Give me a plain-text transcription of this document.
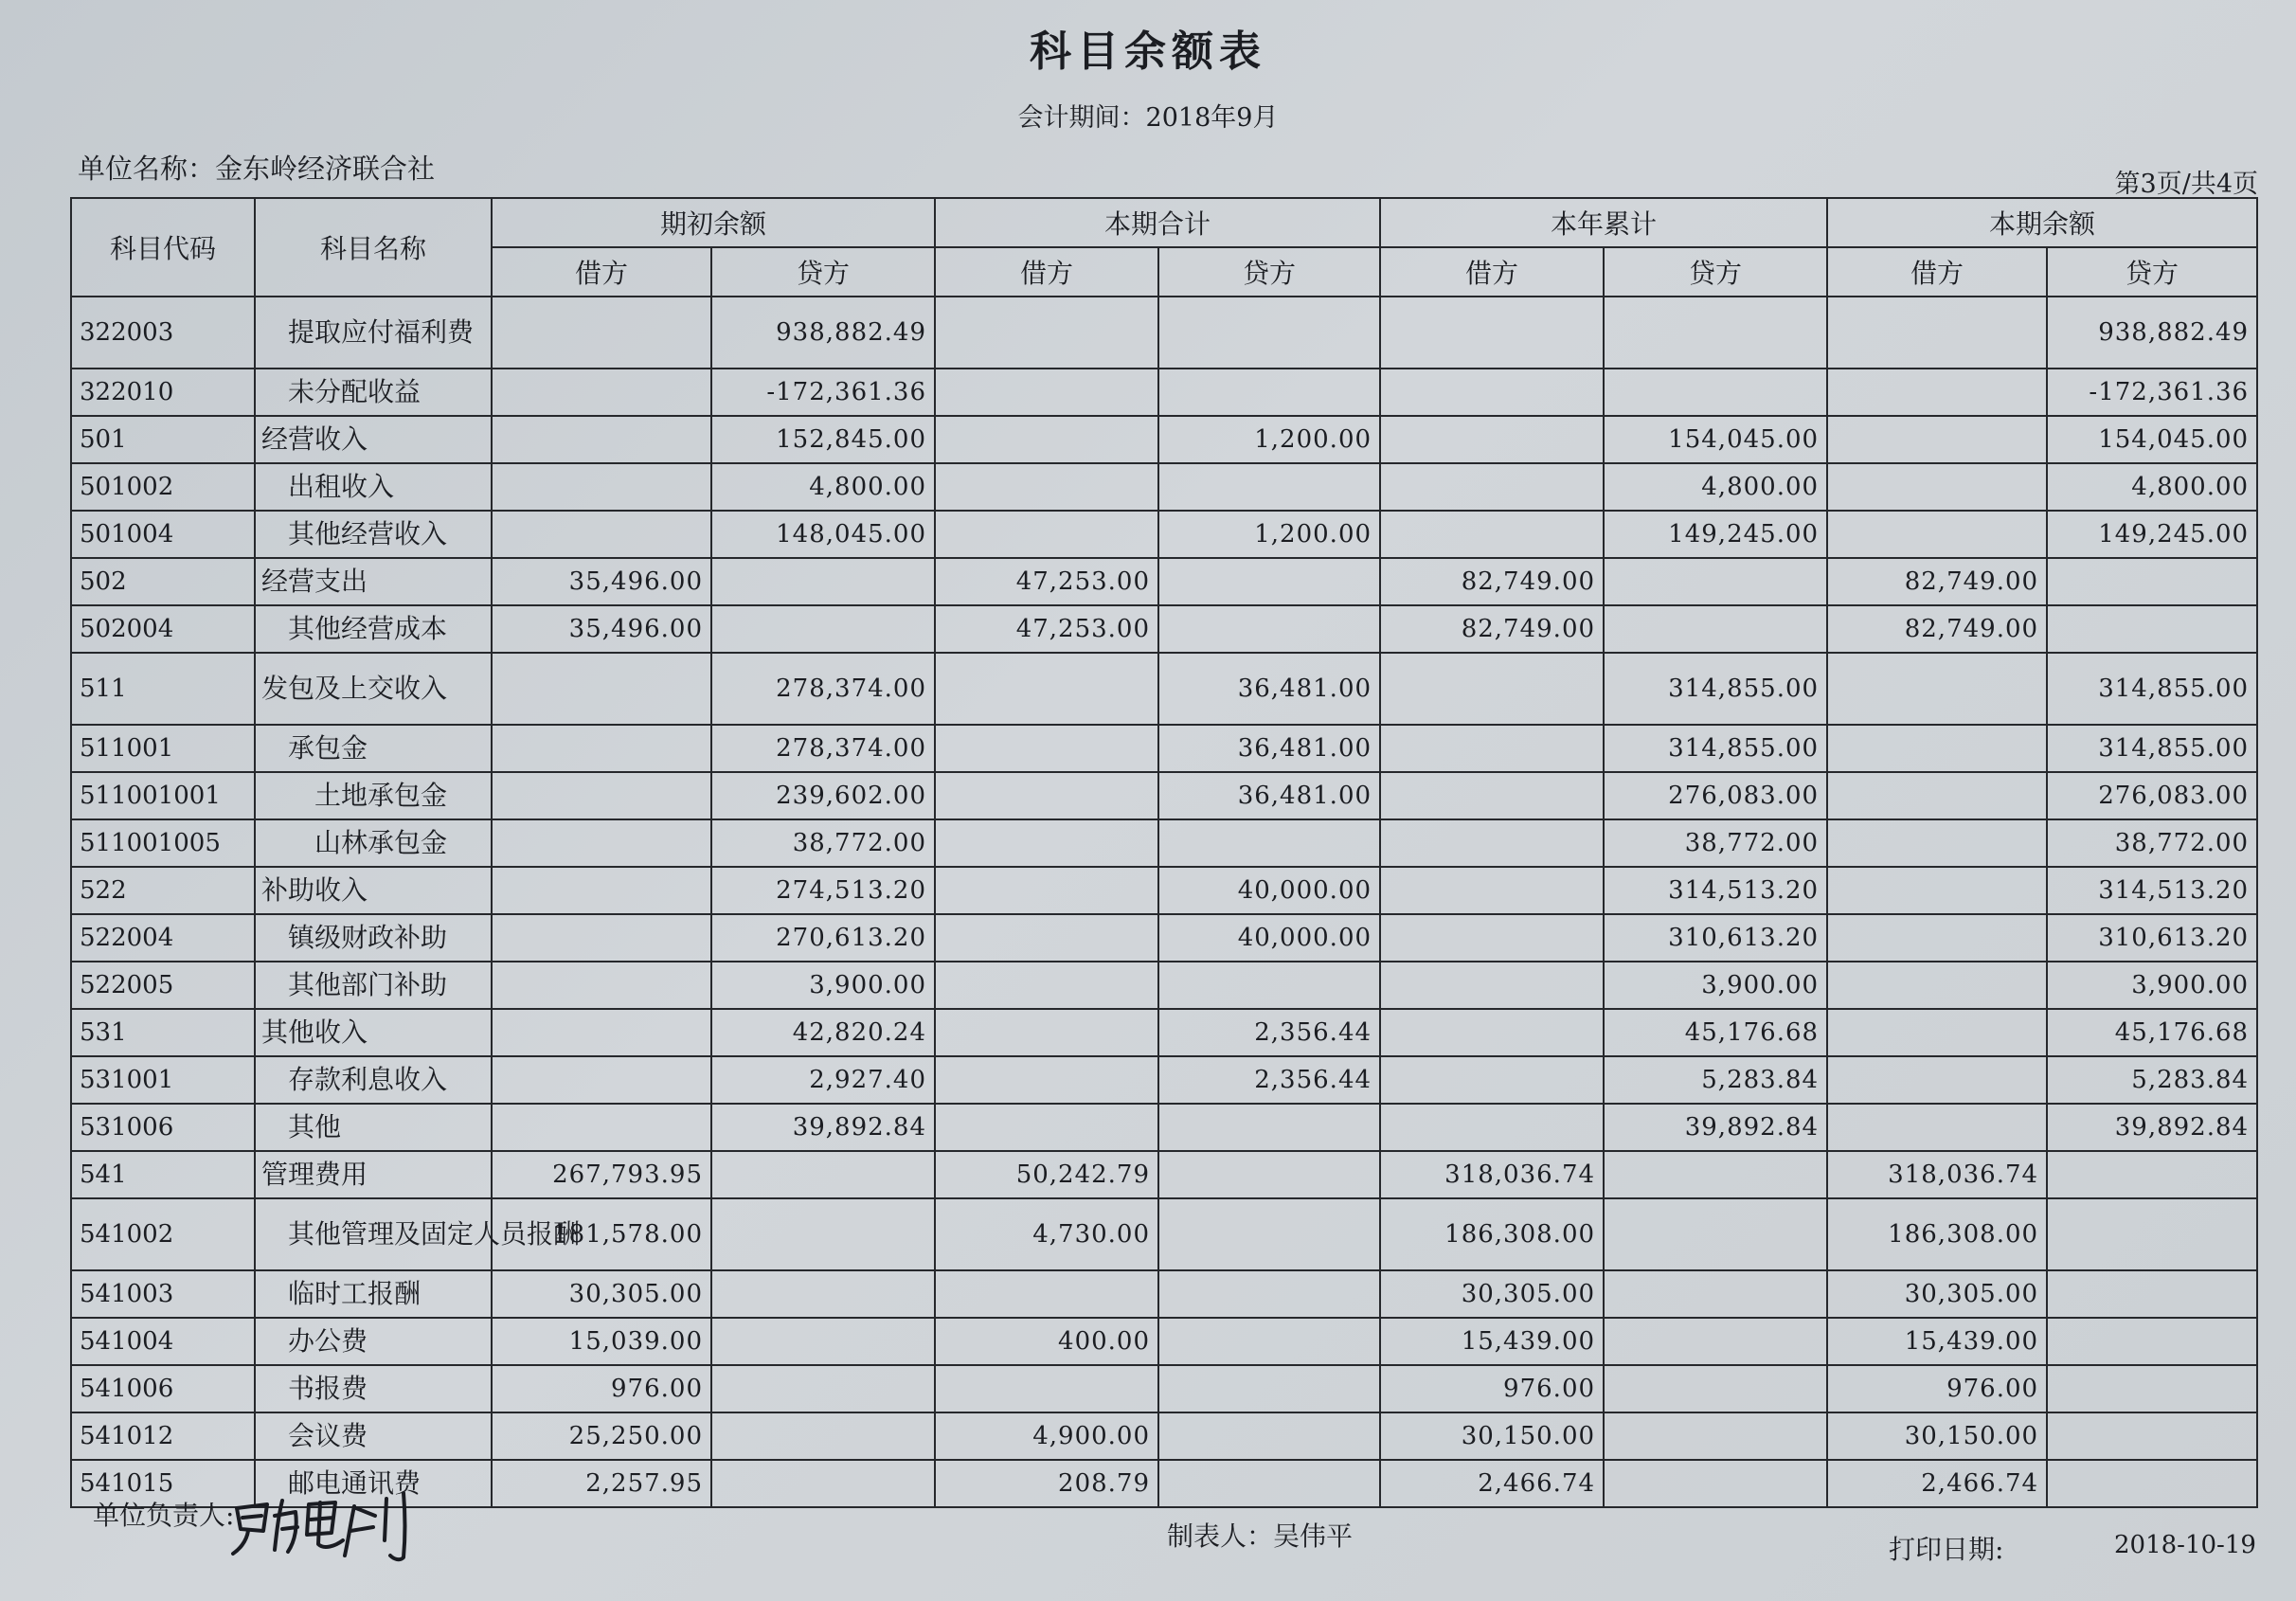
科目余额表
会计期间：2018年9月
单位名称：金东岭经济联合社	第3页/共4页
科目代码	科目名称	期初余额		本期合计		本年累计		本期余额	
		借方	贷方	借方	贷方	借方	贷方	借方	贷方
322003	提取应付福利费		938,882.49						938,882.49
322010	未分配收益		-172,361.36						-172,361.36
501	经营收入		152,845.00		1,200.00		154,045.00		154,045.00
501002	出租收入		4,800.00				4,800.00		4,800.00
501004	其他经营收入		148,045.00		1,200.00		149,245.00		149,245.00
502	经营支出	35,496.00		47,253.00		82,749.00		82,749.00	
502004	其他经营成本	35,496.00		47,253.00		82,749.00		82,749.00	
511	发包及上交收入		278,374.00		36,481.00		314,855.00		314,855.00
511001	承包金		278,374.00		36,481.00		314,855.00		314,855.00
511001001	土地承包金		239,602.00		36,481.00		276,083.00		276,083.00
511001005	山林承包金		38,772.00				38,772.00		38,772.00
522	补助收入		274,513.20		40,000.00		314,513.20		314,513.20
522004	镇级财政补助		270,613.20		40,000.00		310,613.20		310,613.20
522005	其他部门补助		3,900.00				3,900.00		3,900.00
531	其他收入		42,820.24		2,356.44		45,176.68		45,176.68
531001	存款利息收入		2,927.40		2,356.44		5,283.84		5,283.84
531006	其他		39,892.84				39,892.84		39,892.84
541	管理费用	267,793.95		50,242.79		318,036.74		318,036.74	
541002	其他管理及固定人员报酬	181,578.00		4,730.00		186,308.00		186,308.00	
541003	临时工报酬	30,305.00				30,305.00		30,305.00	
541004	办公费	15,039.00		400.00		15,439.00		15,439.00	
541006	书报费	976.00				976.00		976.00	
541012	会议费	25,250.00		4,900.00		30,150.00		30,150.00	
541015	邮电通讯费	2,257.95		208.79		2,466.74		2,466.74	
单位负责人:
制表人：吴伟平	打印日期:	2018-10-19
